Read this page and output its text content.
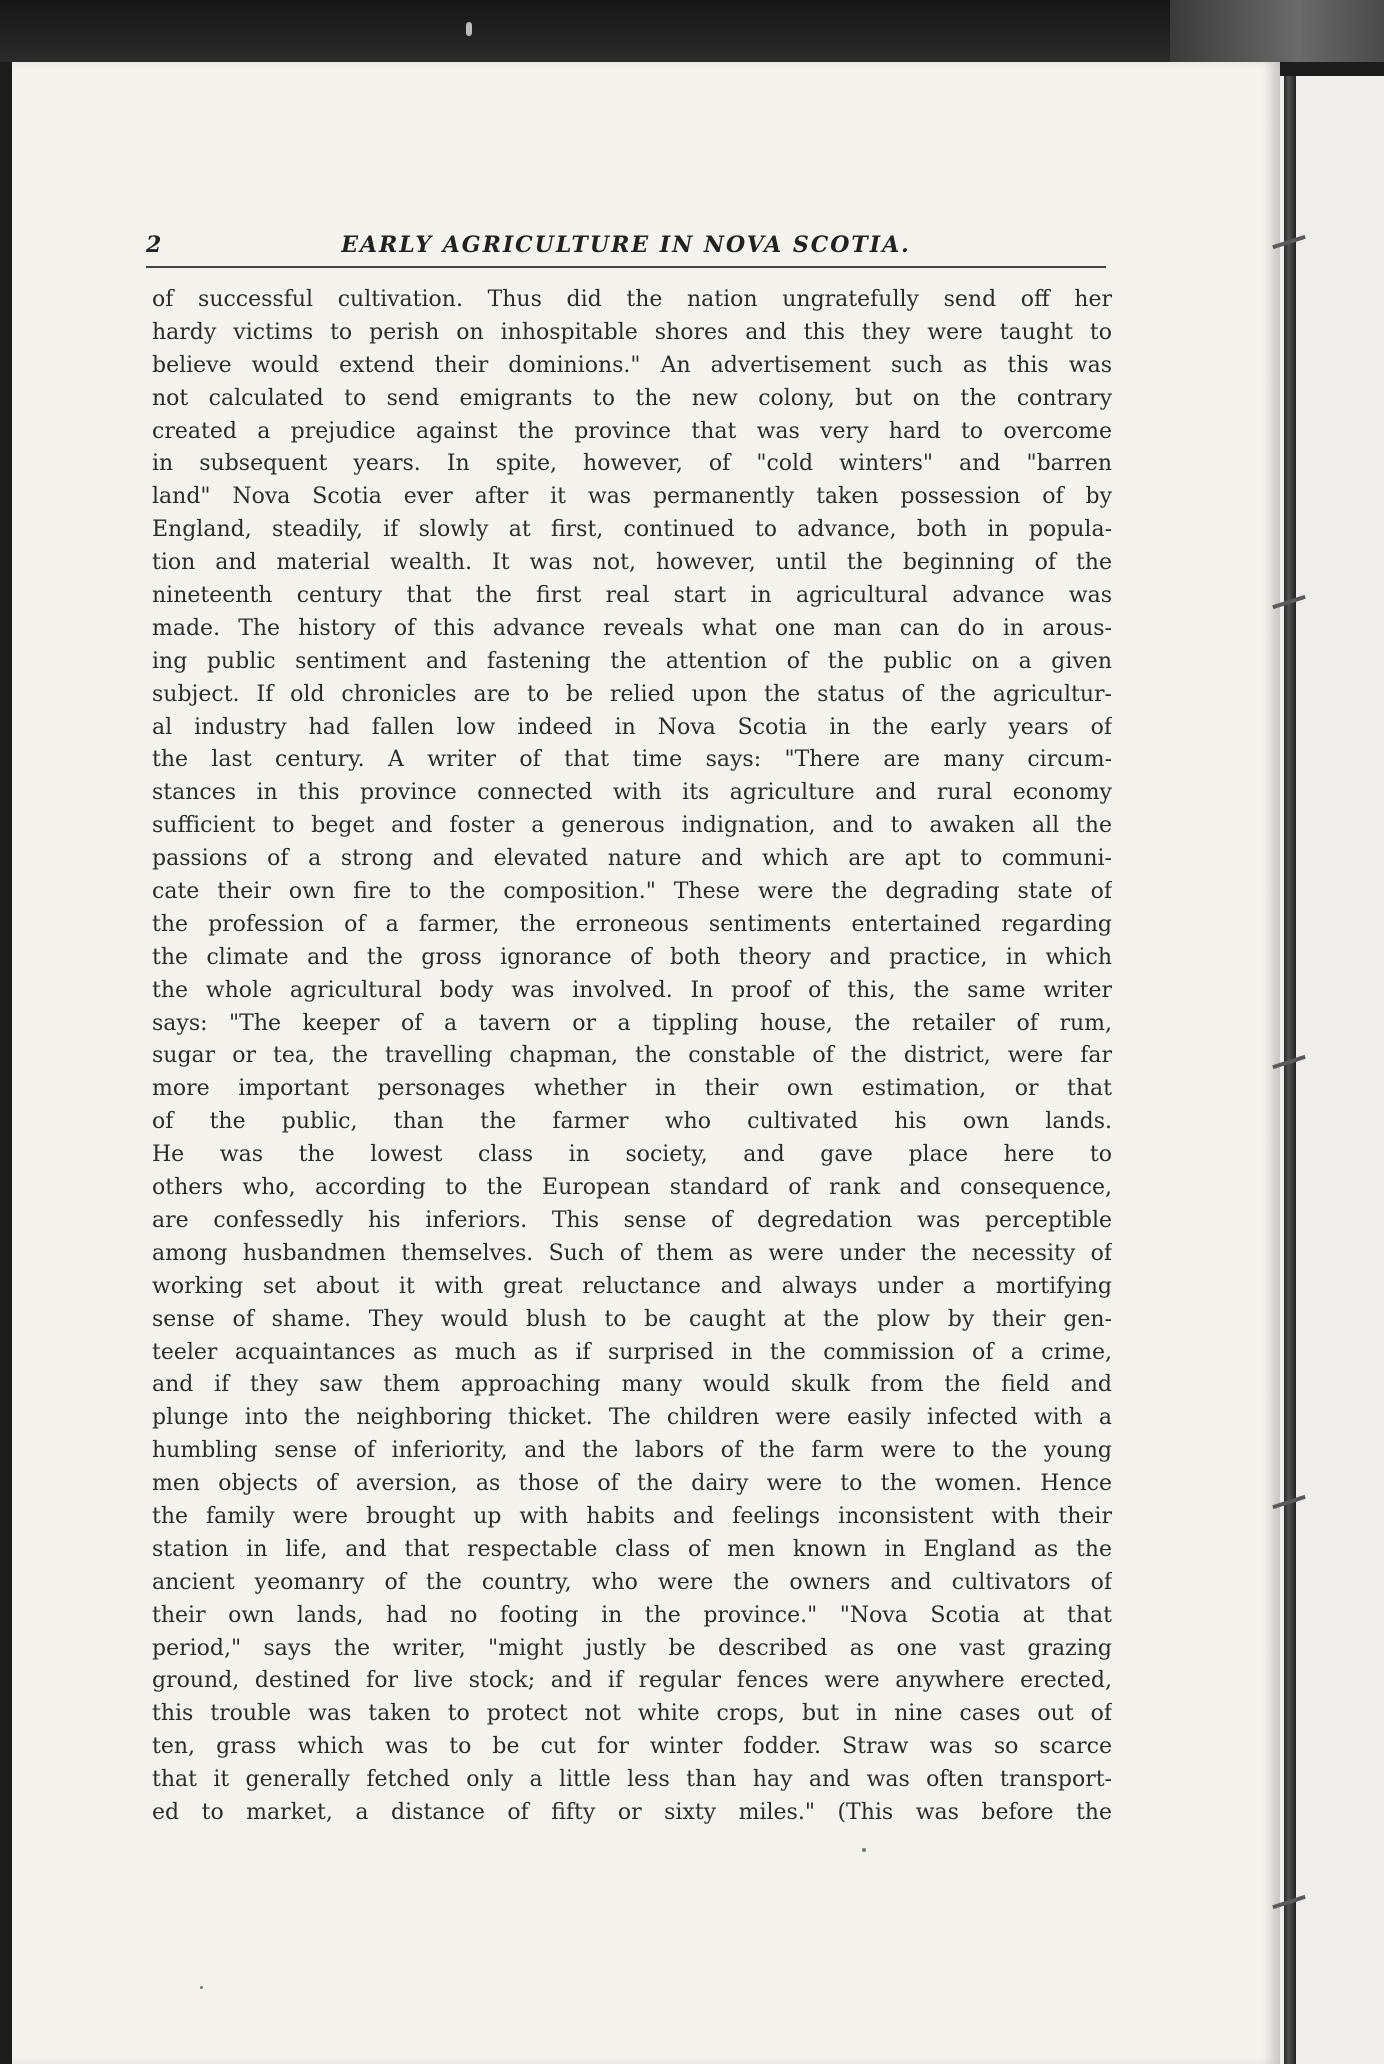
2	EARLY AGRICULTURE IN NOVA SCOTIA.
of successful cultivation. Thus did the nation ungratefully send off her
hardy victims to perish on inhospitable shores and this they were taught to
believe would extend their dominions." An advertisement such as this was
not calculated to send emigrants to the new colony, but on the contrary
created a prejudice against the province that was very hard to overcome
in subsequent years. In spite, however, of "cold winters" and "barren
land" Nova Scotia ever after it was permanently taken possession of by
England, steadily, if slowly at first, continued to advance, both in popula-
tion and material wealth. It was not, however, until the beginning of the
nineteenth century that the first real start in agricultural advance was
made. The history of this advance reveals what one man can do in arous-
ing public sentiment and fastening the attention of the public on a given
subject. If old chronicles are to be relied upon the status of the agricultur-
al industry had fallen low indeed in Nova Scotia in the early years of
the last century. A writer of that time says: "There are many circum-
stances in this province connected with its agriculture and rural economy
sufficient to beget and foster a generous indignation, and to awaken all the
passions of a strong and elevated nature and which are apt to communi-
cate their own fire to the composition." These were the degrading state of
the profession of a farmer, the erroneous sentiments entertained regarding
the climate and the gross ignorance of both theory and practice, in which
the whole agricultural body was involved. In proof of this, the same writer
says: "The keeper of a tavern or a tippling house, the retailer of rum,
sugar or tea, the travelling chapman, the constable of the district, were far
more important personages whether in their own estimation, or that
of the public, than the farmer who cultivated his own lands.
He was the lowest class in society, and gave place here to
others who, according to the European standard of rank and consequence,
are confessedly his inferiors. This sense of degredation was perceptible
among husbandmen themselves. Such of them as were under the necessity of
working set about it with great reluctance and always under a mortifying
sense of shame. They would blush to be caught at the plow by their gen-
teeler acquaintances as much as if surprised in the commission of a crime,
and if they saw them approaching many would skulk from the field and
plunge into the neighboring thicket. The children were easily infected with a
humbling sense of inferiority, and the labors of the farm were to the young
men objects of aversion, as those of the dairy were to the women. Hence
the family were brought up with habits and feelings inconsistent with their
station in life, and that respectable class of men known in England as the
ancient yeomanry of the country, who were the owners and cultivators of
their own lands, had no footing in the province." "Nova Scotia at that
period," says the writer, "might justly be described as one vast grazing
ground, destined for live stock; and if regular fences were anywhere erected,
this trouble was taken to protect not white crops, but in nine cases out of
ten, grass which was to be cut for winter fodder. Straw was so scarce
that it generally fetched only a little less than hay and was often transport-
ed to market, a distance of fifty or sixty miles." (This was before the
